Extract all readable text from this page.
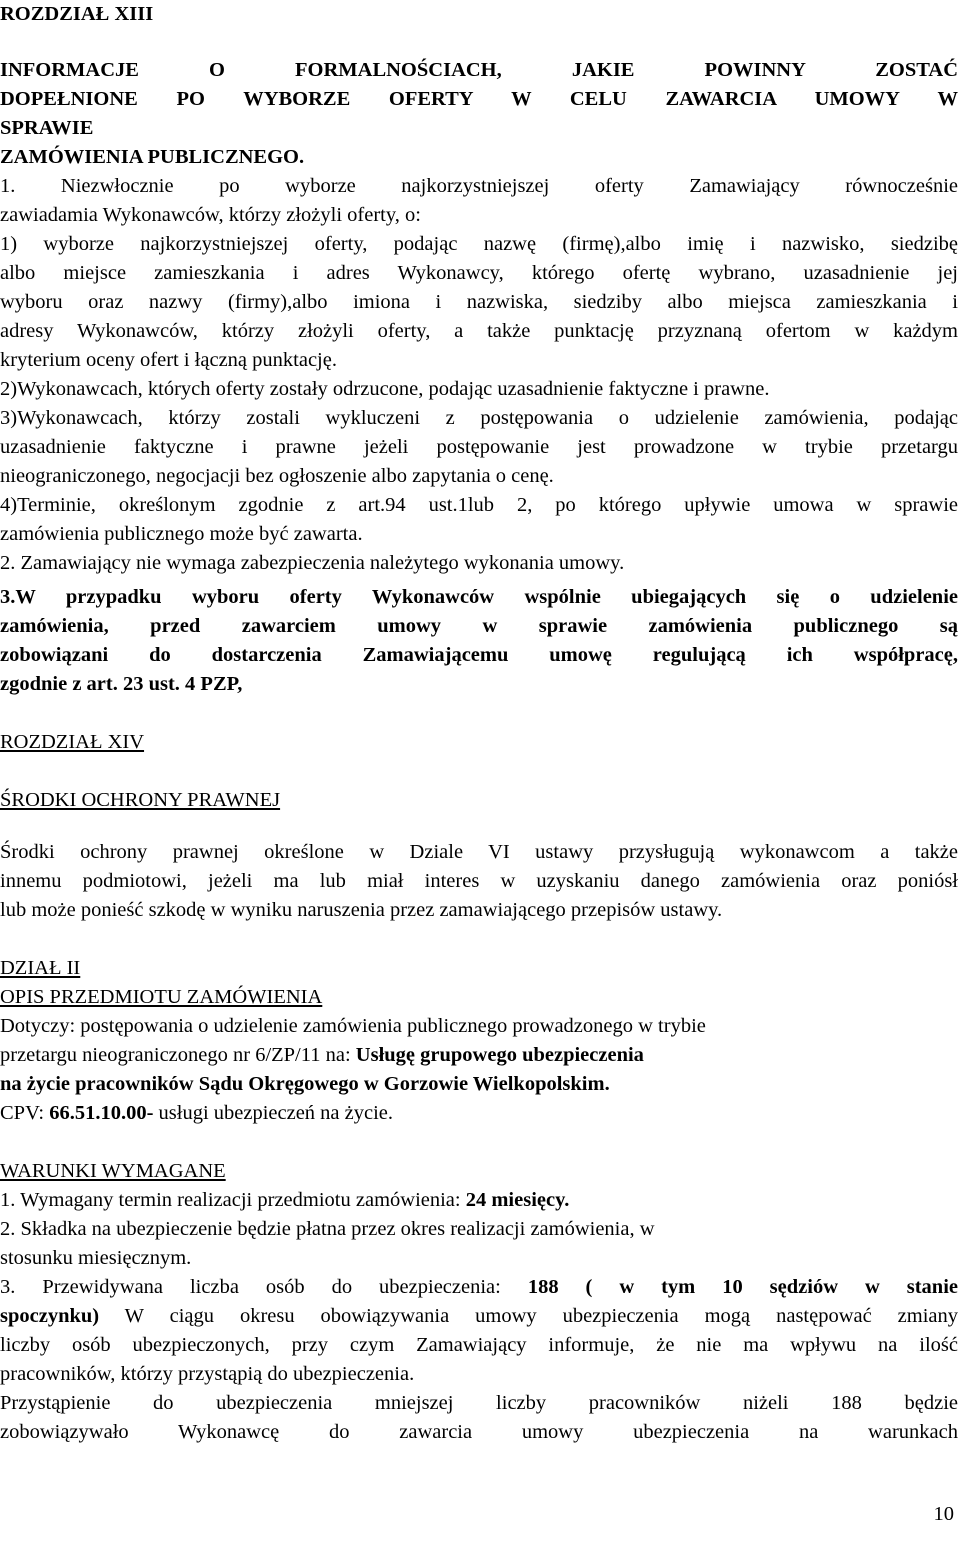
ROZDZIAŁ XIII
INFORMACJE O FORMALNOŚCIACH, JAKIE POWINNY ZOSTAĆ
DOPEŁNIONE PO WYBORZE OFERTY W CELU ZAWARCIA UMOWY W
SPRAWIE
ZAMÓWIENIA PUBLICZNEGO.
1. Niezwłocznie po wyborze najkorzystniejszej oferty Zamawiający równocześnie
zawiadamia Wykonawców, którzy złożyli oferty, o:
1) wyborze najkorzystniejszej oferty, podając nazwę (firmę),albo imię i nazwisko, siedzibę
albo miejsce zamieszkania i adres Wykonawcy, którego ofertę wybrano, uzasadnienie jej
wyboru oraz nazwy (firmy),albo imiona i nazwiska, siedziby albo miejsca zamieszkania i
adresy Wykonawców, którzy złożyli oferty, a także punktację przyznaną ofertom w każdym
kryterium oceny ofert i łączną punktację.
2)Wykonawcach, których oferty zostały odrzucone, podając uzasadnienie faktyczne i prawne.
3)Wykonawcach, którzy zostali wykluczeni z postępowania o udzielenie zamówienia, podając
uzasadnienie faktyczne i prawne jeżeli postępowanie jest prowadzone w trybie przetargu
nieograniczonego, negocjacji bez ogłoszenie albo zapytania o cenę.
4)Terminie, określonym zgodnie z art.94 ust.1lub 2, po którego upływie umowa w sprawie
zamówienia publicznego może być zawarta.
2. Zamawiający nie wymaga zabezpieczenia należytego wykonania umowy.
3.W przypadku wyboru oferty Wykonawców wspólnie ubiegających się o udzielenie
zamówienia, przed zawarciem umowy w sprawie zamówienia publicznego są
zobowiązani do dostarczenia Zamawiającemu umowę regulującą ich współpracę,
zgodnie z art. 23 ust. 4 PZP,
ROZDZIAŁ XIV
ŚRODKI OCHRONY PRAWNEJ
Środki ochrony prawnej określone w Dziale VI ustawy przysługują wykonawcom a także
innemu podmiotowi, jeżeli ma lub miał interes w uzyskaniu danego zamówienia oraz poniósł
lub może ponieść szkodę w wyniku naruszenia przez zamawiającego przepisów ustawy.
DZIAŁ II
OPIS PRZEDMIOTU ZAMÓWIENIA
Dotyczy: postępowania o udzielenie zamówienia publicznego prowadzonego w trybie
przetargu nieograniczonego nr 6/ZP/11 na: Usługę grupowego ubezpieczenia
na życie pracowników Sądu Okręgowego w Gorzowie Wielkopolskim.
CPV: 66.51.10.00- usługi ubezpieczeń na życie.
WARUNKI WYMAGANE
1. Wymagany termin realizacji przedmiotu zamówienia: 24 miesięcy.
2. Składka na ubezpieczenie będzie płatna przez okres realizacji zamówienia, w
stosunku miesięcznym.
3. Przewidywana liczba osób do ubezpieczenia: 188 ( w tym 10 sędziów w stanie
spoczynku) W ciągu okresu obowiązywania umowy ubezpieczenia mogą następować zmiany
liczby osób ubezpieczonych, przy czym Zamawiający informuje, że nie ma wpływu na ilość
pracowników, którzy przystąpią do ubezpieczenia.
Przystąpienie do ubezpieczenia mniejszej liczby pracowników niżeli 188 będzie
zobowiązywało Wykonawcę do zawarcia umowy ubezpieczenia na warunkach
10
